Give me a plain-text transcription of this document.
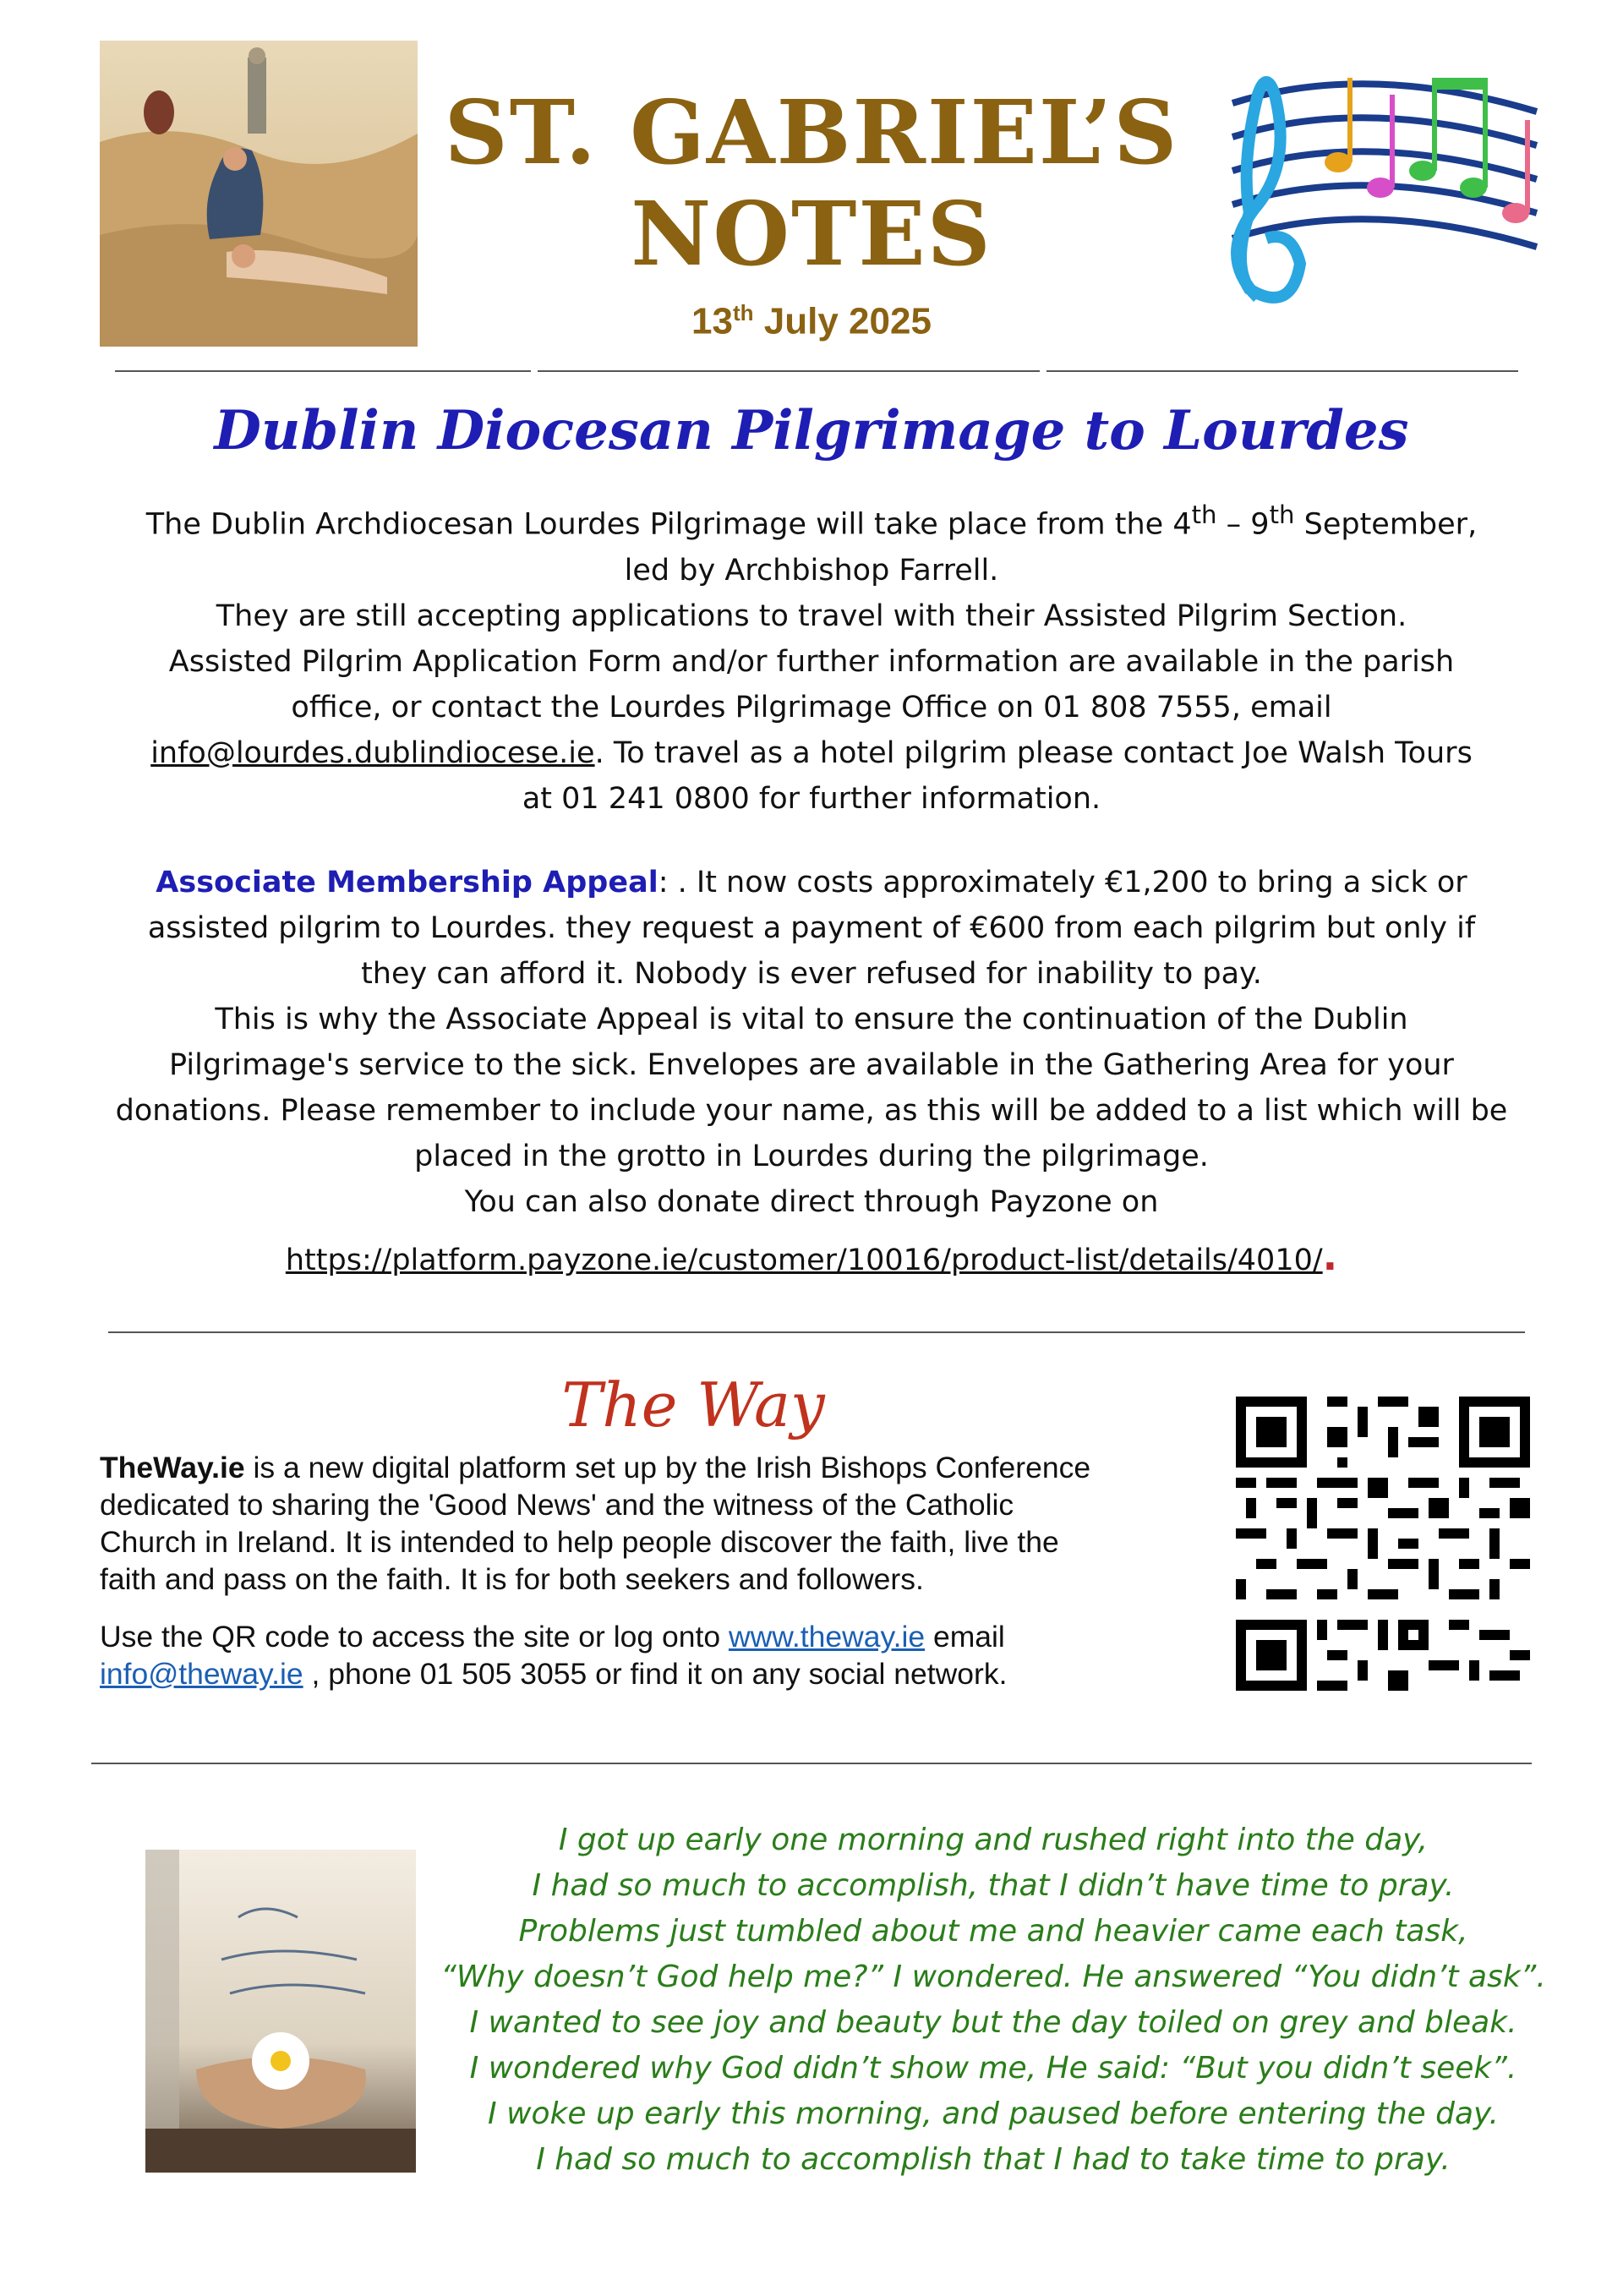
ST. GABRIEL’S
NOTES
13th July 2025
Dublin Diocesan Pilgrimage to Lourdes

The Dublin Archdiocesan Lourdes Pilgrimage will take place from the 4th – 9th September,

led by Archbishop Farrell.

They are still accepting applications to travel with their Assisted Pilgrim Section.

Assisted Pilgrim Application Form and/or further information are available in the parish

office, or contact the Lourdes Pilgrimage Office on 01 808 7555, email

info@lourdes.dublindiocese.ie. To travel as a hotel pilgrim please contact Joe Walsh Tours

at 01 241 0800 for further information.

Associate Membership Appeal: . It now costs approximately €1,200 to bring a sick or

assisted pilgrim to Lourdes. they request a payment of €600 from each pilgrim but only if

they can afford it. Nobody is ever refused for inability to pay.

This is why the Associate Appeal is vital to ensure the continuation of the Dublin

Pilgrimage's service to the sick. Envelopes are available in the Gathering Area for your

donations. Please remember to include your name, as this will be added to a list which will be

placed in the grotto in Lourdes during the pilgrimage.

You can also donate direct through Payzone on

https://platform.payzone.ie/customer/10016/product-list/details/4010/.

The Way

TheWay.ie is a new digital platform set up by the Irish Bishops Conference

dedicated to sharing the 'Good News' and the witness of the Catholic

Church in Ireland. It is intended to help people discover the faith, live the

faith and pass on the faith. It is for both seekers and followers.

Use the QR code to access the site or log onto www.theway.ie email
info@theway.ie , phone 01 505 3055 or find it on any social network.

I got up early one morning and rushed right into the day,
I had so much to accomplish, that I didn’t have time to pray.
Problems just tumbled about me and heavier came each task,
“Why doesn’t God help me?” I wondered. He answered “You didn’t ask”.
I wanted to see joy and beauty but the day toiled on grey and bleak.
I wondered why God didn’t show me, He said: “But you didn’t seek”.
I woke up early this morning, and paused before entering the day.
I had so much to accomplish that I had to take time to pray.
